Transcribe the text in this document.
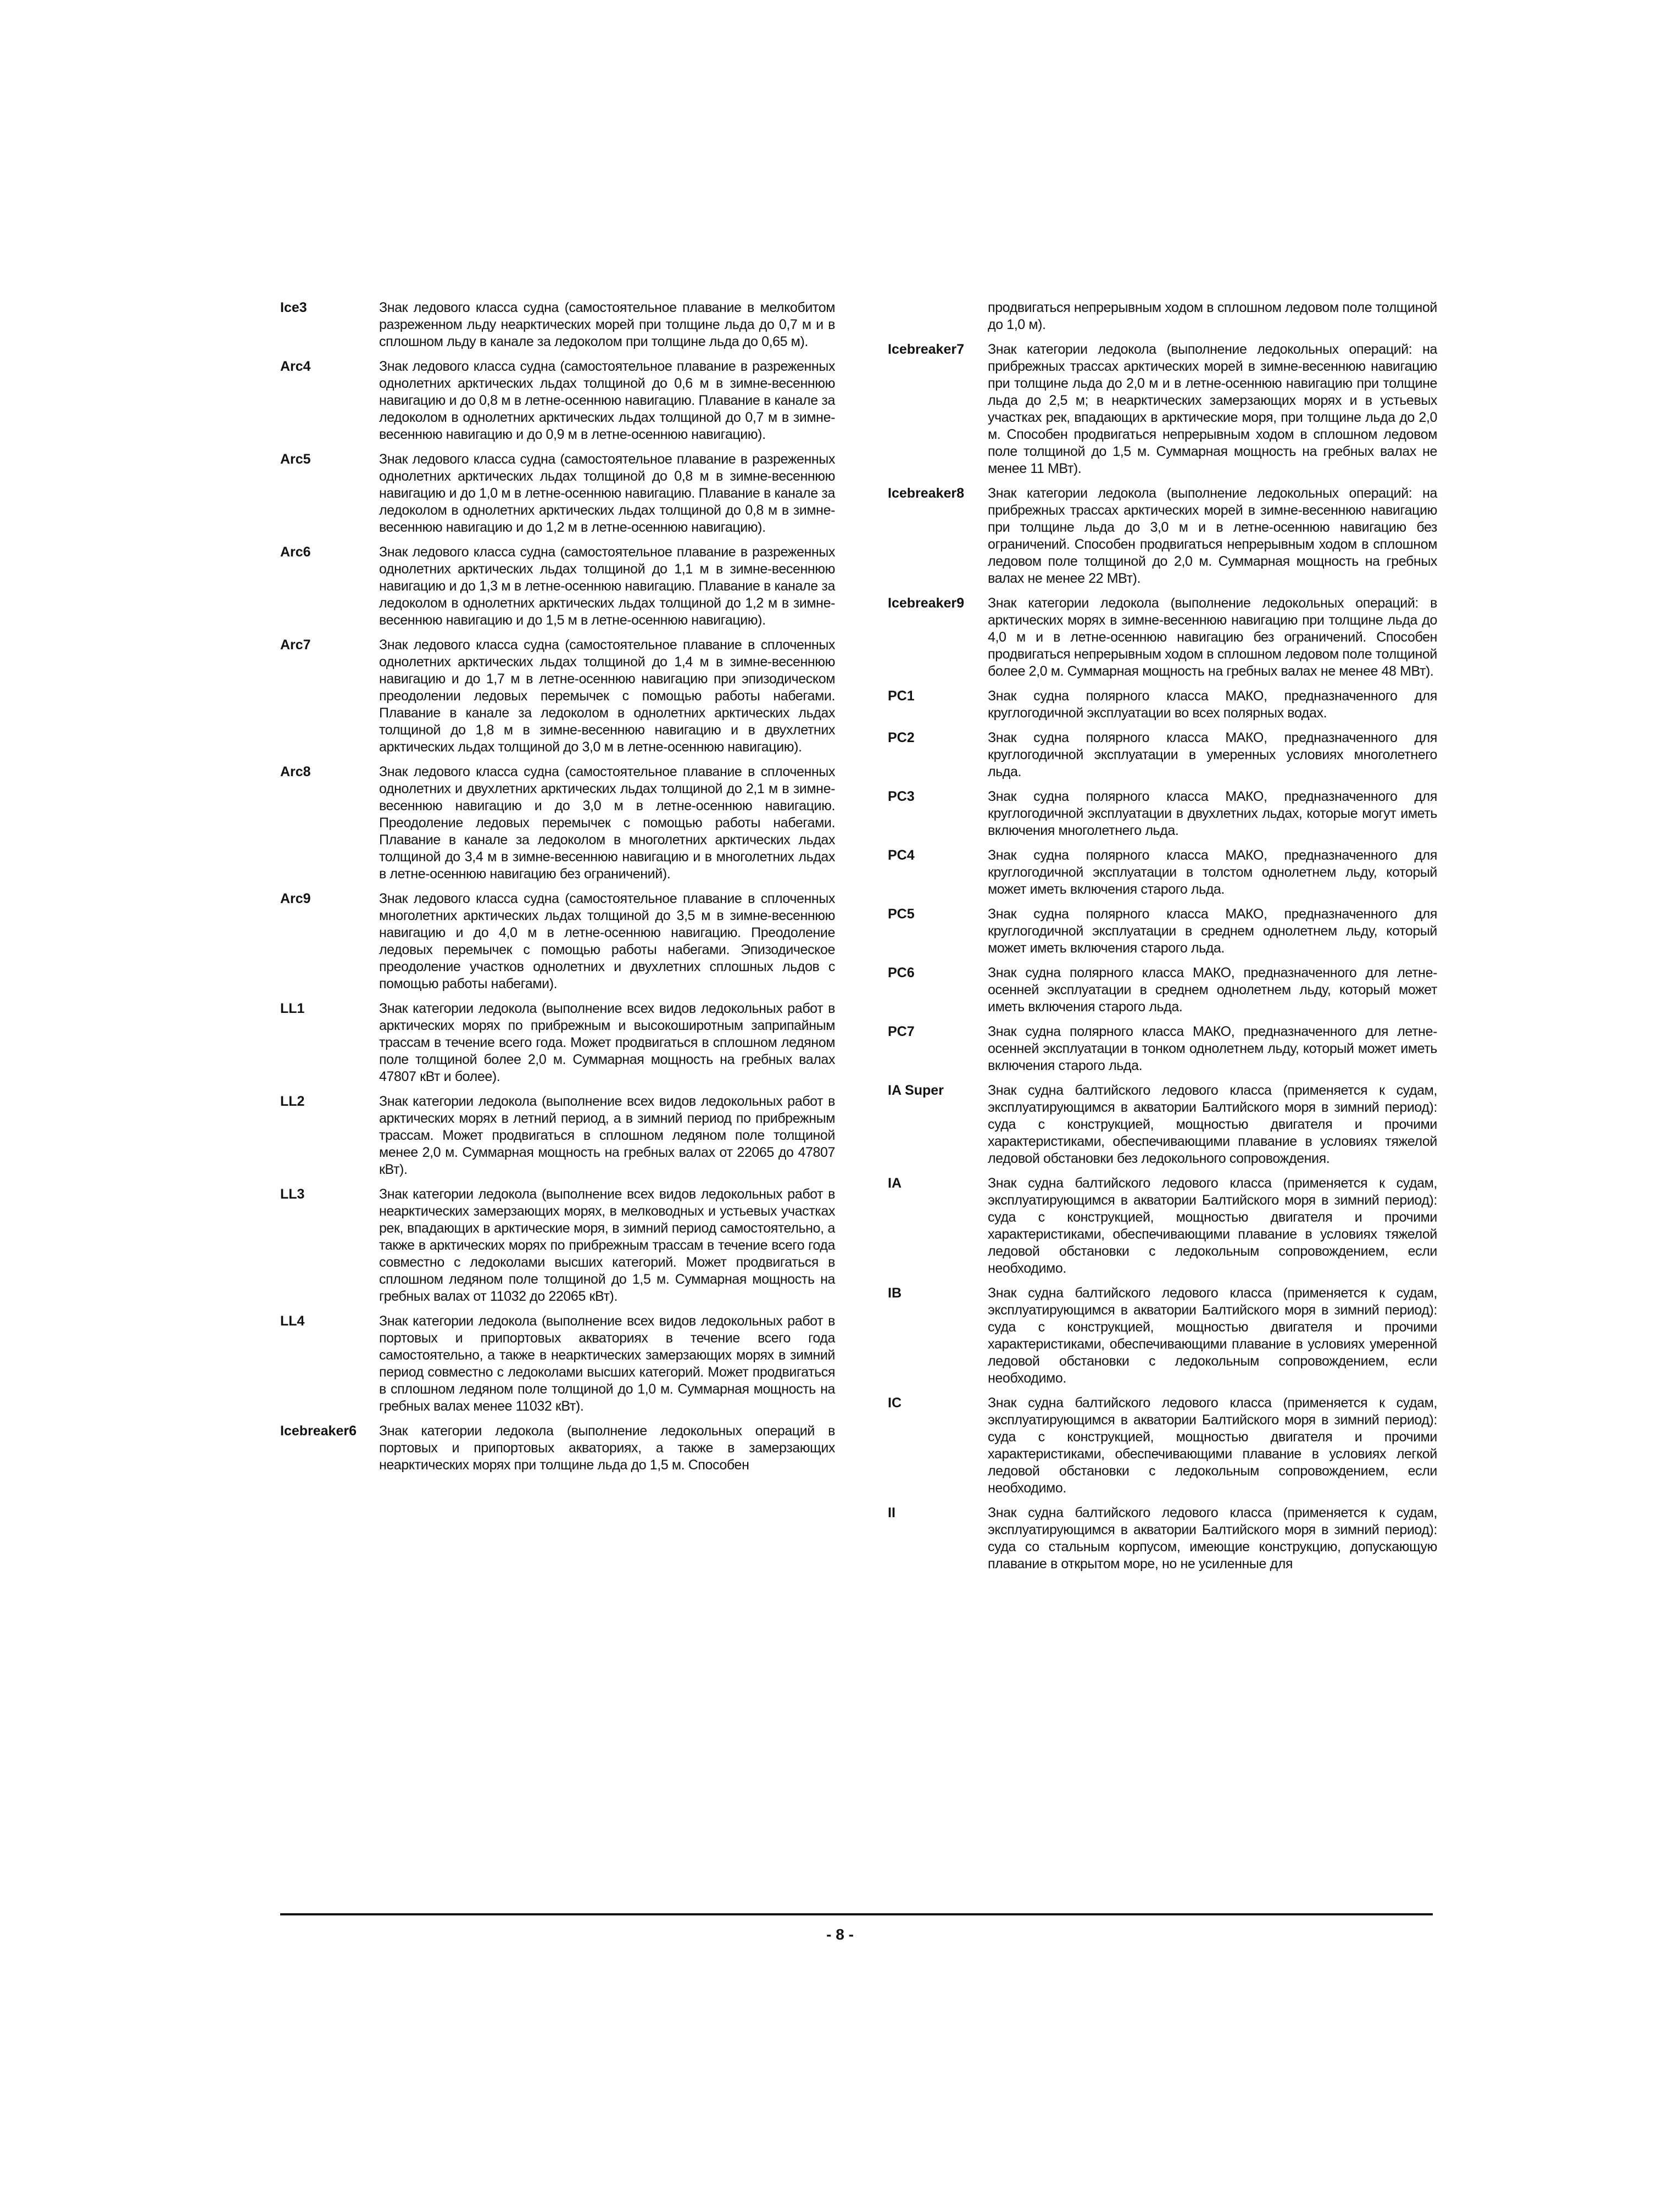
Ice3	Знак ледового класса судна (самостоятельное плавание в мелкобитом разреженном льду неарктических морей при толщине льда до 0,7 м и в сплошном льду в канале за ледоколом при толщине льда до 0,65 м).
Arc4	Знак ледового класса судна (самостоятельное плавание в разреженных однолетних арктических льдах толщиной до 0,6 м в зимне-весеннюю навигацию и до 0,8 м в летне-осеннюю навигацию. Плавание в канале за ледоколом в однолетних арктических льдах толщиной до 0,7 м в зимне-весеннюю навигацию и до 0,9 м в летне-осеннюю навигацию).
Arc5	Знак ледового класса судна (самостоятельное плавание в разреженных однолетних арктических льдах толщиной до 0,8 м в зимне-весеннюю навигацию и до 1,0 м в летне-осеннюю навигацию. Плавание в канале за ледоколом в однолетних арктических льдах толщиной до 0,8 м в зимне-весеннюю навигацию и до 1,2 м в летне-осеннюю навигацию).
Arc6	Знак ледового класса судна (самостоятельное плавание в разреженных однолетних арктических льдах толщиной до 1,1 м в зимне-весеннюю навигацию и до 1,3 м в летне-осеннюю навигацию. Плавание в канале за ледоколом в однолетних арктических льдах толщиной до 1,2 м в зимне-весеннюю навигацию и до 1,5 м в летне-осеннюю навигацию).
Arc7	Знак ледового класса судна (самостоятельное плавание в сплоченных однолетних арктических льдах толщиной до 1,4 м в зимне-весеннюю навигацию и до 1,7 м в летне-осеннюю навигацию при эпизодическом преодолении ледовых перемычек с помощью работы набегами. Плавание в канале за ледоколом в однолетних арктических льдах толщиной до 1,8 м в зимне-весеннюю навигацию и в двухлетних арктических льдах толщиной до 3,0 м в летне-осеннюю навигацию).
Arc8	Знак ледового класса судна (самостоятельное плавание в сплоченных однолетних и двухлетних арктических льдах толщиной до 2,1 м в зимне-весеннюю навигацию и до 3,0 м в летне-осеннюю навигацию. Преодоление ледовых перемычек с помощью работы набегами. Плавание в канале за ледоколом в многолетних арктических льдах толщиной до 3,4 м в зимне-весеннюю навигацию и в многолетних льдах в летне-осеннюю навигацию без ограничений).
Arc9	Знак ледового класса судна (самостоятельное плавание в сплоченных многолетних арктических льдах толщиной до 3,5 м в зимне-весеннюю навигацию и до 4,0 м в летне-осеннюю навигацию. Преодоление ледовых перемычек с помощью работы набегами. Эпизодическое преодоление участков однолетних и двухлетних сплошных льдов с помощью работы набегами).
LL1	Знак категории ледокола (выполнение всех видов ледокольных работ в арктических морях по прибрежным и высокоширотным заприпайным трассам в течение всего года. Может продвигаться в сплошном ледяном поле толщиной более 2,0 м. Суммарная мощность на гребных валах 47807 кВт и более).
LL2	Знак категории ледокола (выполнение всех видов ледокольных работ в арктических морях в летний период, а в зимний период по прибрежным трассам. Может продвигаться в сплошном ледяном поле толщиной менее 2,0 м. Суммарная мощность на гребных валах от 22065 до 47807 кВт).
LL3	Знак категории ледокола (выполнение всех видов ледокольных работ в неарктических замерзающих морях, в мелководных и устьевых участках рек, впадающих в арктические моря, в зимний период самостоятельно, а также в арктических морях по прибрежным трассам в течение всего года совместно с ледоколами высших категорий. Может продвигаться в сплошном ледяном поле толщиной до 1,5 м. Суммарная мощность на гребных валах от 11032 до 22065 кВт).
LL4	Знак категории ледокола (выполнение всех видов ледокольных работ в портовых и припортовых акваториях в течение всего года самостоятельно, а также в неарктических замерзающих морях в зимний период совместно с ледоколами высших категорий. Может продвигаться в сплошном ледяном поле толщиной до 1,0 м. Суммарная мощность на гребных валах менее 11032 кВт).
Icebreaker6	Знак категории ледокола (выполнение ледокольных операций в портовых и припортовых акваториях, а также в замерзающих неарктических морях при толщине льда до 1,5 м. Способен
продвигаться непрерывным ходом в сплошном ледовом поле толщиной до 1,0 м).
Icebreaker7	Знак категории ледокола (выполнение ледокольных операций: на прибрежных трассах арктических морей в зимне-весеннюю навигацию при толщине льда до 2,0 м и в летне-осеннюю навигацию при толщине льда до 2,5 м; в неарктических замерзающих морях и в устьевых участках рек, впадающих в арктические моря, при толщине льда до 2,0 м. Способен продвигаться непрерывным ходом в сплошном ледовом поле толщиной до 1,5 м. Суммарная мощность на гребных валах не менее 11 МВт).
Icebreaker8	Знак категории ледокола (выполнение ледокольных операций: на прибрежных трассах арктических морей в зимне-весеннюю навигацию при толщине льда до 3,0 м и в летне-осеннюю навигацию без ограничений. Способен продвигаться непрерывным ходом в сплошном ледовом поле толщиной до 2,0 м. Суммарная мощность на гребных валах не менее 22 МВт).
Icebreaker9	Знак категории ледокола (выполнение ледокольных операций: в арктических морях в зимне-весеннюю навигацию при толщине льда до 4,0 м и в летне-осеннюю навигацию без ограничений. Способен продвигаться непрерывным ходом в сплошном ледовом поле толщиной более 2,0 м. Суммарная мощность на гребных валах не менее 48 МВт).
PC1	Знак судна полярного класса МАКО, предназначенного для круглогодичной эксплуатации во всех полярных водах.
PC2	Знак судна полярного класса МАКО, предназначенного для круглогодичной эксплуатации в умеренных условиях многолетнего льда.
PC3	Знак судна полярного класса МАКО, предназначенного для круглогодичной эксплуатации в двухлетних льдах, которые могут иметь включения многолетнего льда.
PC4	Знак судна полярного класса МАКО, предназначенного для круглогодичной эксплуатации в толстом однолетнем льду, который может иметь включения старого льда.
PC5	Знак судна полярного класса МАКО, предназначенного для круглогодичной эксплуатации в среднем однолетнем льду, который может иметь включения старого льда.
PC6	Знак судна полярного класса МАКО, предназначенного для летне-осенней эксплуатации в среднем однолетнем льду, который может иметь включения старого льда.
PC7	Знак судна полярного класса МАКО, предназначенного для летне-осенней эксплуатации в тонком однолетнем льду, который может иметь включения старого льда.
IA Super	Знак судна балтийского ледового класса (применяется к судам, эксплуатирующимся в акватории Балтийского моря в зимний период): суда с конструкцией, мощностью двигателя и прочими характеристиками, обеспечивающими плавание в условиях тяжелой ледовой обстановки без ледокольного сопровождения.
IA	Знак судна балтийского ледового класса (применяется к судам, эксплуатирующимся в акватории Балтийского моря в зимний период): суда с конструкцией, мощностью двигателя и прочими характеристиками, обеспечивающими плавание в условиях тяжелой ледовой обстановки с ледокольным сопровождением, если необходимо.
IB	Знак судна балтийского ледового класса (применяется к судам, эксплуатирующимся в акватории Балтийского моря в зимний период): суда с конструкцией, мощностью двигателя и прочими характеристиками, обеспечивающими плавание в условиях умеренной ледовой обстановки с ледокольным сопровождением, если необходимо.
IC	Знак судна балтийского ледового класса (применяется к судам, эксплуатирующимся в акватории Балтийского моря в зимний период): суда с конструкцией, мощностью двигателя и прочими характеристиками, обеспечивающими плавание в условиях легкой ледовой обстановки с ледокольным сопровождением, если необходимо.
II	Знак судна балтийского ледового класса (применяется к судам, эксплуатирующимся в акватории Балтийского моря в зимний период): суда со стальным корпусом, имеющие конструкцию, допускающую плавание в открытом море, но не усиленные для
- 8 -
